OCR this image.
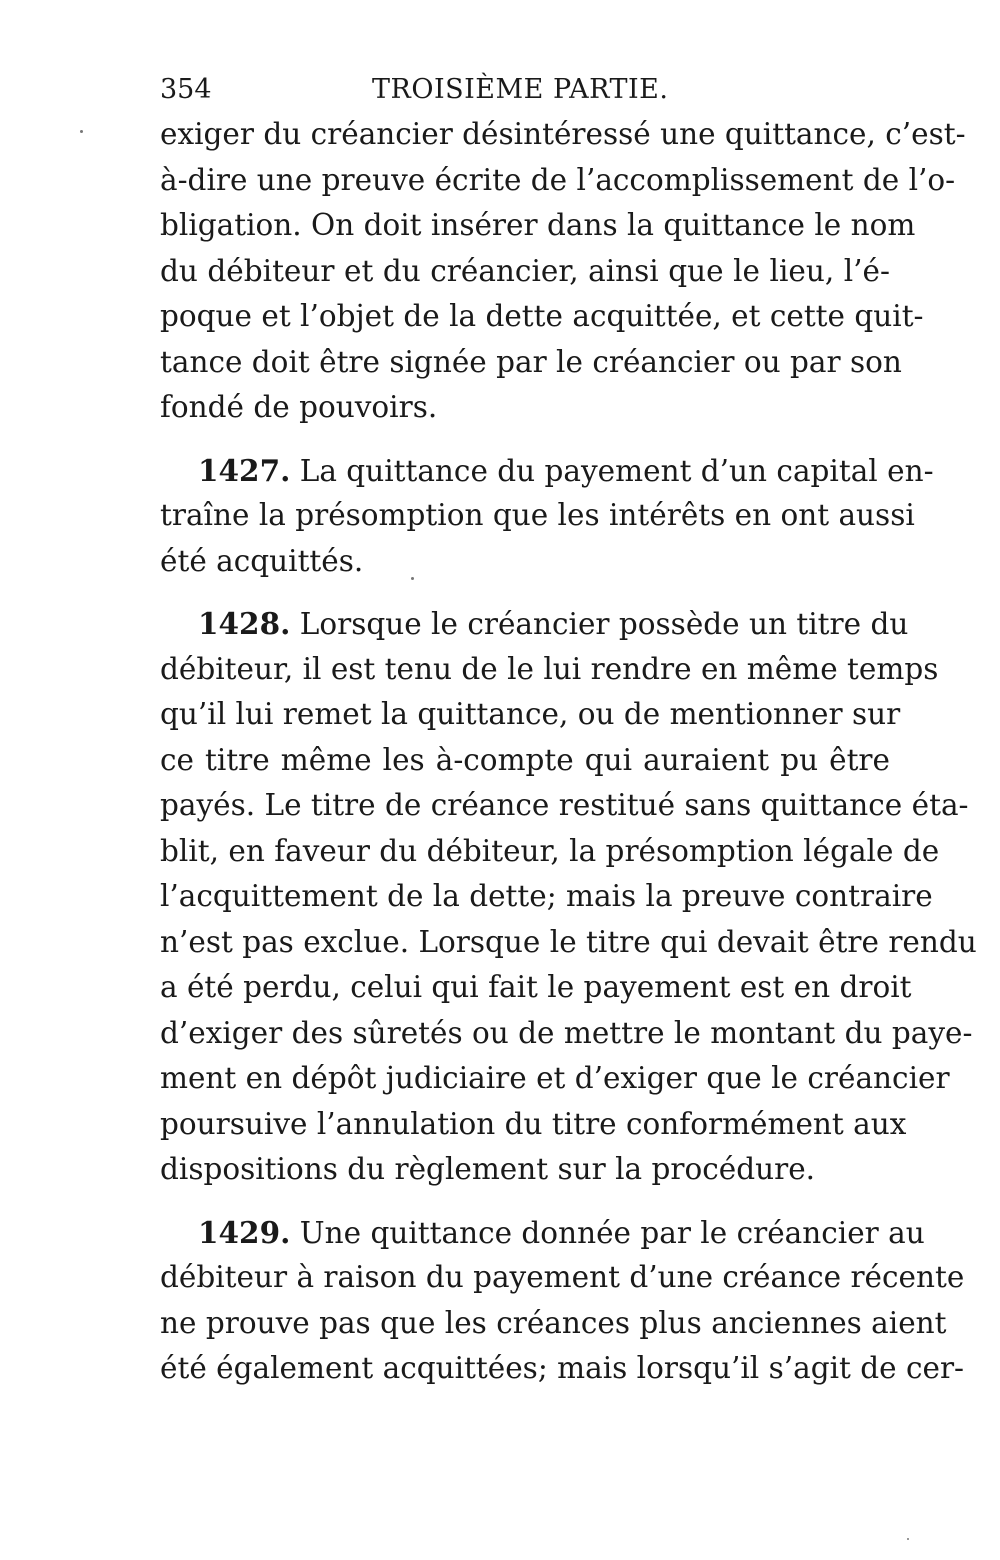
354	TROISIÈME PARTIE.
exiger du créancier désintéressé une quittance, c’est-
à-dire une preuve écrite de l’accomplissement de l’o-
bligation. On doit insérer dans la quittance le nom
du débiteur et du créancier, ainsi que le lieu, l’é-
poque et l’objet de la dette acquittée, et cette quit-
tance doit être signée par le créancier ou par son
fondé de pouvoirs.
1427. La quittance du payement d’un capital en-
traîne la présomption que les intérêts en ont aussi
été acquittés.
1428. Lorsque le créancier possède un titre du
débiteur, il est tenu de le lui rendre en même temps
qu’il lui remet la quittance, ou de mentionner sur
ce titre même les à-compte qui auraient pu être
payés. Le titre de créance restitué sans quittance éta-
blit, en faveur du débiteur, la présomption légale de
l’acquittement de la dette; mais la preuve contraire
n’est pas exclue. Lorsque le titre qui devait être rendu
a été perdu, celui qui fait le payement est en droit
d’exiger des sûretés ou de mettre le montant du paye-
ment en dépôt judiciaire et d’exiger que le créancier
poursuive l’annulation du titre conformément aux
dispositions du règlement sur la procédure.
1429. Une quittance donnée par le créancier au
débiteur à raison du payement d’une créance récente
ne prouve pas que les créances plus anciennes aient
été également acquittées; mais lorsqu’il s’agit de cer-
